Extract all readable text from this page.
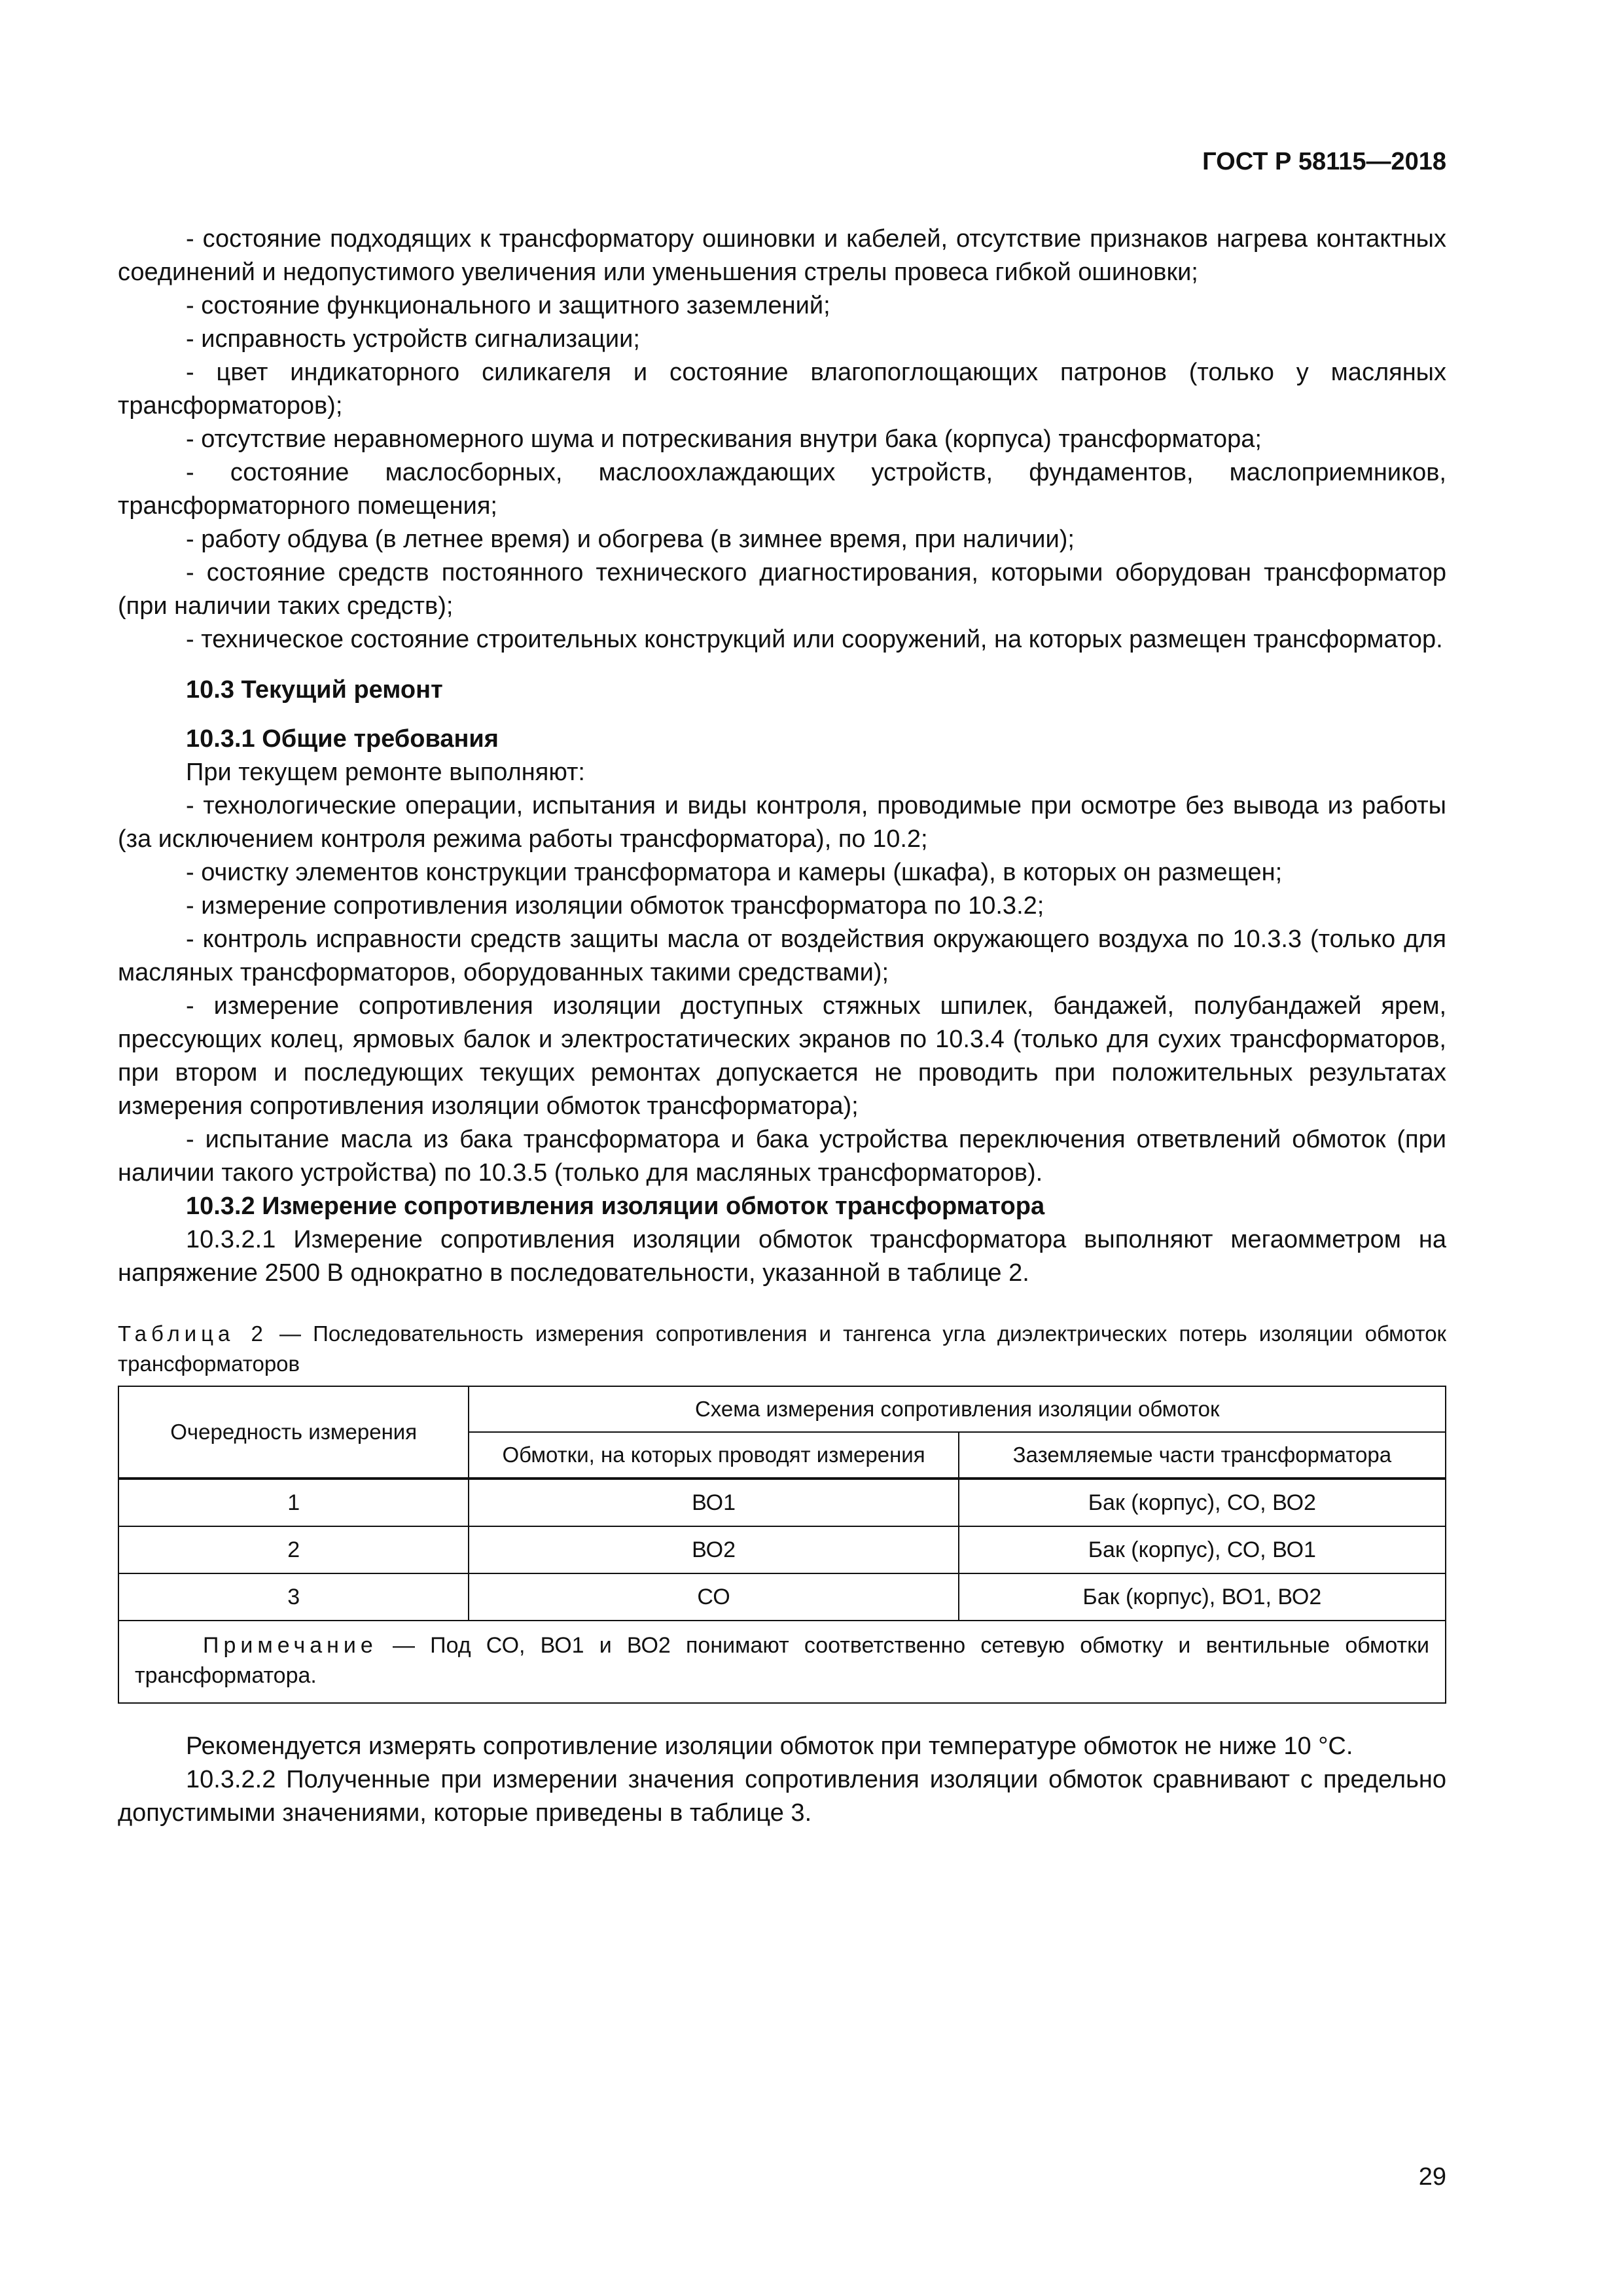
ГОСТ Р 58115—2018

- состояние подходящих к трансформатору ошиновки и кабелей, отсутствие признаков нагрева контактных соединений и недопустимого увеличения или уменьшения стрелы провеса гибкой ошиновки;

- состояние функционального и защитного заземлений;

- исправность устройств сигнализации;

- цвет индикаторного силикагеля и состояние влагопоглощающих патронов (только у масляных трансформаторов);

- отсутствие неравномерного шума и потрескивания внутри бака (корпуса) трансформатора;

- состояние маслосборных, маслоохлаждающих устройств, фундаментов, маслоприемников, трансформаторного помещения;

- работу обдува (в летнее время) и обогрева (в зимнее время, при наличии);

- состояние средств постоянного технического диагностирования, которыми оборудован трансформатор (при наличии таких средств);

- техническое состояние строительных конструкций или сооружений, на которых размещен трансформатор.

10.3 Текущий ремонт

10.3.1 Общие требования

При текущем ремонте выполняют:

- технологические операции, испытания и виды контроля, проводимые при осмотре без вывода из работы (за исключением контроля режима работы трансформатора), по 10.2;

- очистку элементов конструкции трансформатора и камеры (шкафа), в которых он размещен;

- измерение сопротивления изоляции обмоток трансформатора по 10.3.2;

- контроль исправности средств защиты масла от воздействия окружающего воздуха по 10.3.3 (только для масляных трансформаторов, оборудованных такими средствами);

- измерение сопротивления изоляции доступных стяжных шпилек, бандажей, полубандажей ярем, прессующих колец, ярмовых балок и электростатических экранов по 10.3.4 (только для сухих трансформаторов, при втором и последующих текущих ремонтах допускается не проводить при положительных результатах измерения сопротивления изоляции обмоток трансформатора);

- испытание масла из бака трансформатора и бака устройства переключения ответвлений обмоток (при наличии такого устройства) по 10.3.5 (только для масляных трансформаторов).

10.3.2 Измерение сопротивления изоляции обмоток трансформатора

10.3.2.1 Измерение сопротивления изоляции обмоток трансформатора выполняют мегаомметром на напряжение 2500 В однократно в последовательности, указанной в таблице 2.

Таблица 2 — Последовательность измерения сопротивления и тангенса угла диэлектрических потерь изоляции обмоток трансформаторов

Очередность измерения	Схема измерения сопротивления изоляции обмоток	
	Обмотки, на которых проводят измерения	Заземляемые части трансформатора
1	ВО1	Бак (корпус), СО, ВО2
2	ВО2	Бак (корпус), СО, ВО1
3	СО	Бак (корпус), ВО1, ВО2
Примечание — Под СО, ВО1 и ВО2 понимают соответственно сетевую обмотку и вентильные обмотки трансформатора.		

Рекомендуется измерять сопротивление изоляции обмоток при температуре обмоток не ниже 10 °С.

10.3.2.2 Полученные при измерении значения сопротивления изоляции обмоток сравнивают с предельно допустимыми значениями, которые приведены в таблице 3.

29
